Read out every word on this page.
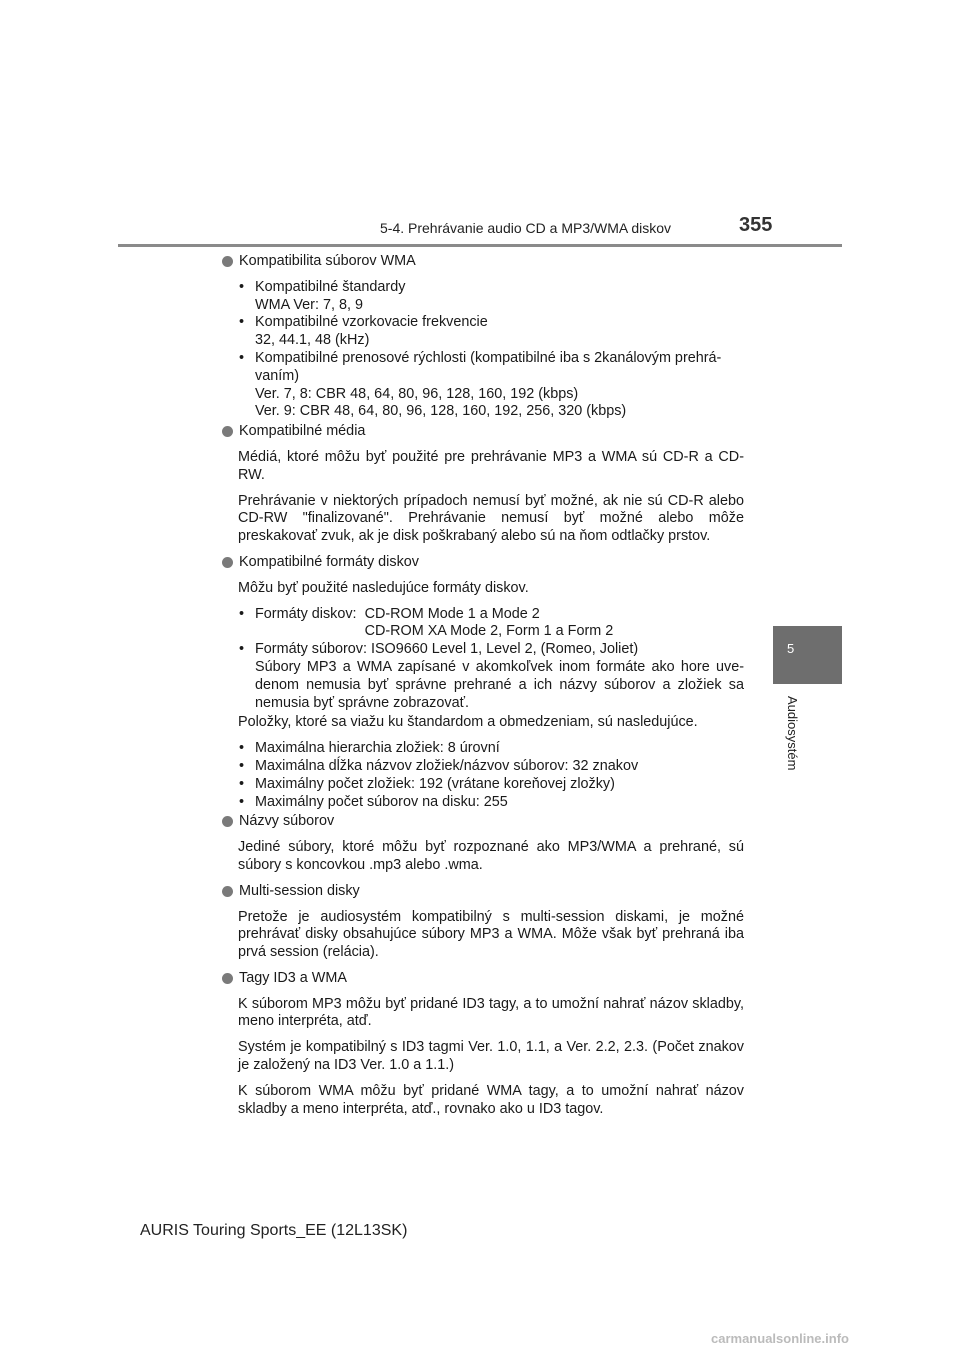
5-4. Prehrávanie audio CD a MP3/WMA diskov	355
5
Audiosystém
Kompatibilita súborov WMA
• Kompatibilné štandardy
WMA Ver: 7, 8, 9
• Kompatibilné vzorkovacie frekvencie
32, 44.1, 48 (kHz)
• Kompatibilné prenosové rýchlosti (kompatibilné iba s 2kanálovým prehrá-
vaním)
Ver. 7, 8: CBR 48, 64, 80, 96, 128, 160, 192 (kbps)
Ver. 9: CBR 48, 64, 80, 96, 128, 160, 192, 256, 320 (kbps)
Kompatibilné média

Médiá, ktoré môžu byť použité pre prehrávanie MP3 a WMA sú CD-R a CD-RW.

Prehrávanie v niektorých prípadoch nemusí byť možné, ak nie sú CD-R alebo CD-RW "finalizované". Prehrávanie nemusí byť možné alebo môže preskakovať zvuk, ak je disk poškrabaný alebo sú na ňom odtlačky prstov.

Kompatibilné formáty diskov

Môžu byť použité nasledujúce formáty diskov.

• Formáty diskov: CD-ROM Mode 1 a Mode 2
CD-ROM XA Mode 2, Form 1 a Form 2
• Formáty súborov: ISO9660 Level 1, Level 2, (Romeo, Joliet)
Súbory MP3 a WMA zapísané v akomkoľvek inom formáte ako hore uve-denom nemusia byť správne prehrané a ich názvy súborov a zložiek sa nemusia byť správne zobrazovať.

Položky, ktoré sa viažu ku štandardom a obmedzeniam, sú nasledujúce.

• Maximálna hierarchia zložiek: 8 úrovní
• Maximálna dĺžka názvov zložiek/názvov súborov: 32 znakov
• Maximálny počet zložiek: 192 (vrátane koreňovej zložky)
• Maximálny počet súborov na disku: 255
Názvy súborov

Jediné súbory, ktoré môžu byť rozpoznané ako MP3/WMA a prehrané, sú súbory s koncovkou .mp3 alebo .wma.

Multi-session disky

Pretože je audiosystém kompatibilný s multi-session diskami, je možné prehrávať disky obsahujúce súbory MP3 a WMA. Môže však byť prehraná iba prvá session (relácia).

Tagy ID3 a WMA

K súborom MP3 môžu byť pridané ID3 tagy, a to umožní nahrať názov skladby, meno interpréta, atď.

Systém je kompatibilný s ID3 tagmi Ver. 1.0, 1.1, a Ver. 2.2, 2.3. (Počet znakov je založený na ID3 Ver. 1.0 a 1.1.)

K súborom WMA môžu byť pridané WMA tagy, a to umožní nahrať názov skladby a meno interpréta, atď., rovnako ako u ID3 tagov.

AURIS Touring Sports_EE (12L13SK)
carmanualsonline.info
